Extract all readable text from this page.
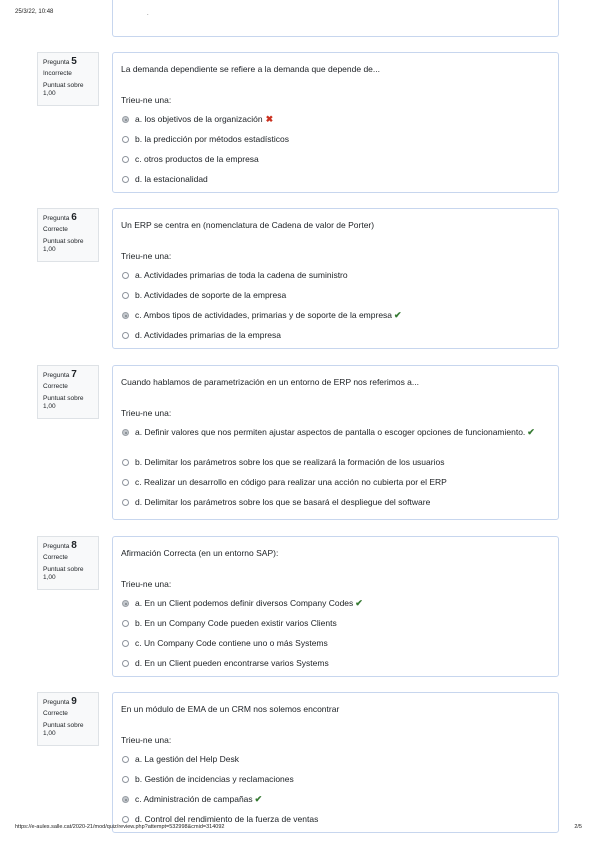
25/3/22, 10:48	.
Pregunta 5
Incorrecte
Puntuat sobre 1,00
La demanda dependiente se refiere a la demanda que depende de...
Trieu-ne una:
a. los objetivos de la organización ✖
b. la predicción por métodos estadísticos
c. otros productos de la empresa
d. la estacionalidad
Pregunta 6
Correcte
Puntuat sobre 1,00
Un ERP se centra en (nomenclatura de Cadena de valor de Porter)
Trieu-ne una:
a. Actividades primarias de toda la cadena de suministro
b. Actividades de soporte de la empresa
c. Ambos tipos de actividades, primarias y de soporte de la empresa ✔
d. Actividades primarias de la empresa
Pregunta 7
Correcte
Puntuat sobre 1,00
Cuando hablamos de parametrización en un entorno de ERP nos referimos a...
Trieu-ne una:
a. Definir valores que nos permiten ajustar aspectos de pantalla o escoger opciones de funcionamiento. ✔
b. Delimitar los parámetros sobre los que se realizará la formación de los usuarios
c. Realizar un desarrollo en código para realizar una acción no cubierta por el ERP
d. Delimitar los parámetros sobre los que se basará el despliegue del software
Pregunta 8
Correcte
Puntuat sobre 1,00
Afirmación Correcta (en un entorno SAP):
Trieu-ne una:
a. En un Client podemos definir diversos Company Codes ✔
b. En un Company Code pueden existir varios Clients
c. Un Company Code contiene uno o más Systems
d. En un Client pueden encontrarse varios Systems
Pregunta 9
Correcte
Puntuat sobre 1,00
En un módulo de EMA de un CRM nos solemos encontrar
Trieu-ne una:
a. La gestión del Help Desk
b. Gestión de incidencias y reclamaciones
c. Administración de campañas ✔
d. Control del rendimiento de la fuerza de ventas
https://e-aules.salle.cat/2020-21/mod/quiz/review.php?attempt=532998&cmid=314092	2/5
